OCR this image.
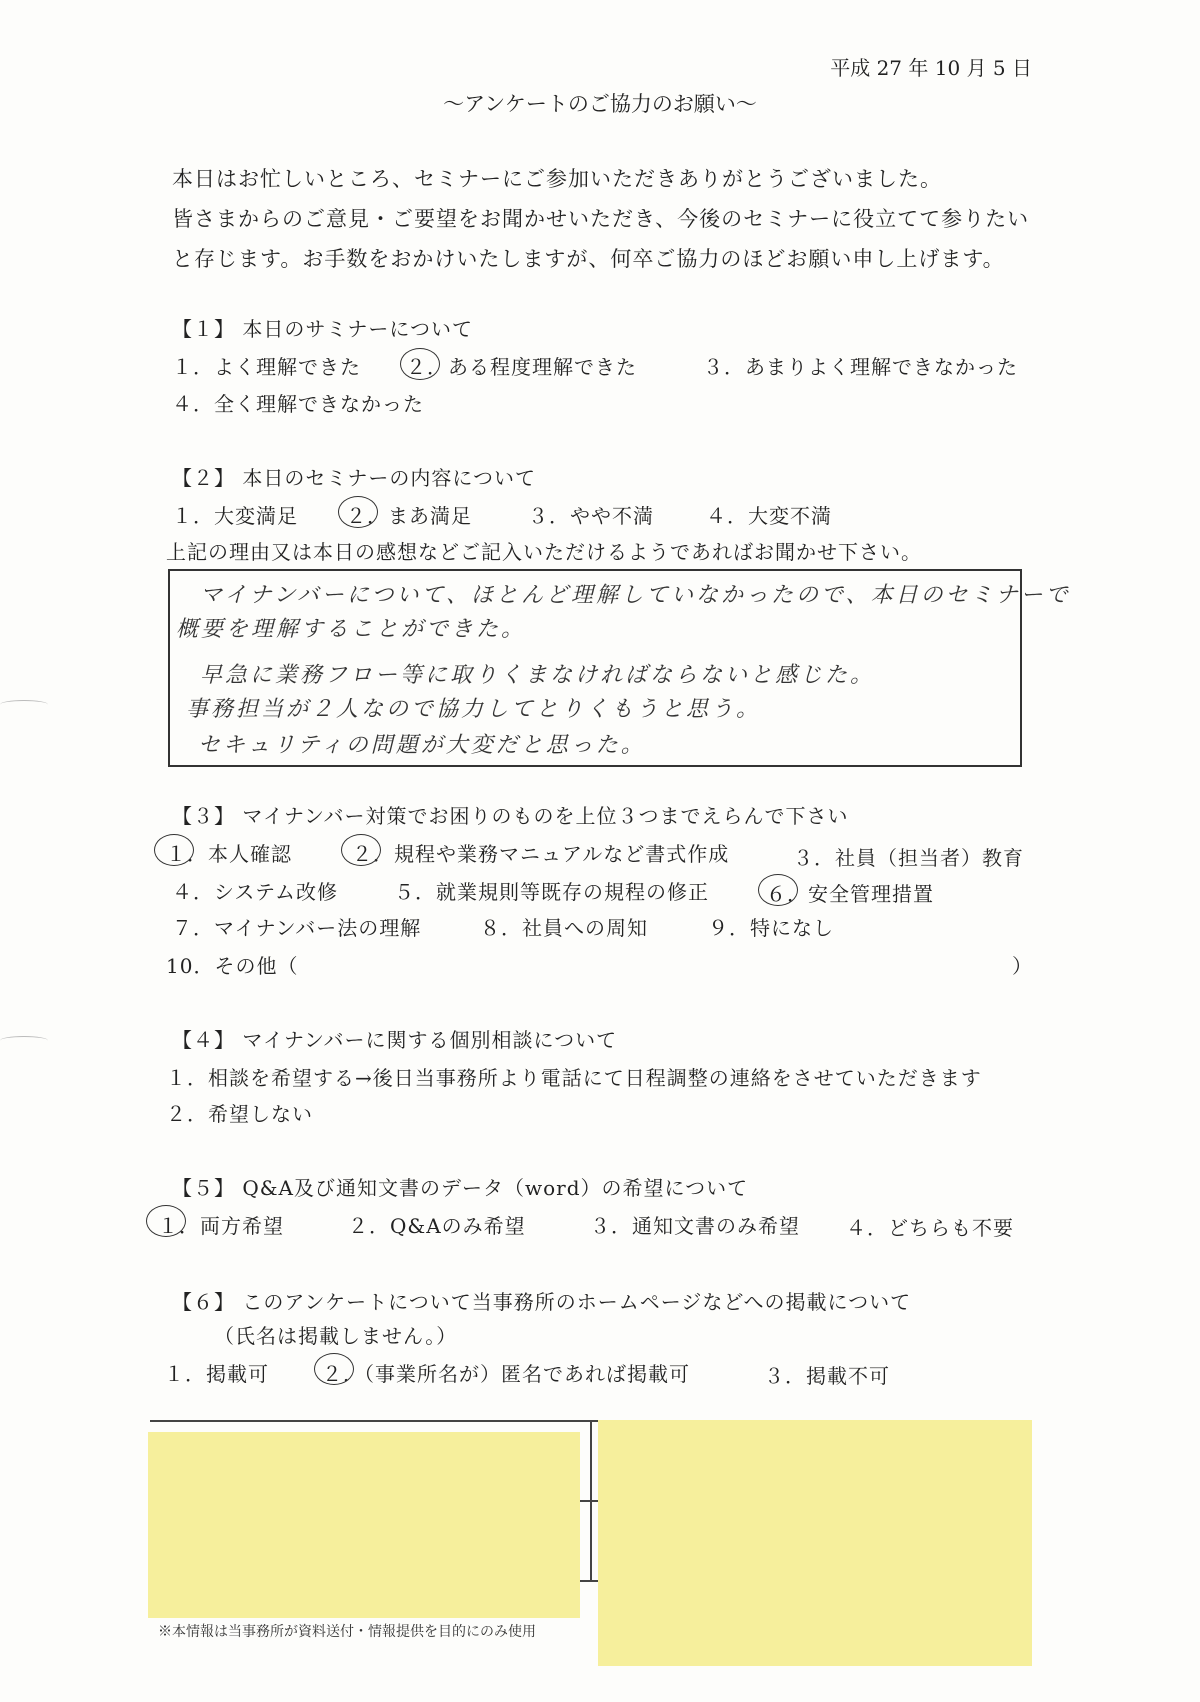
平成 27 年 10 月 5 日
～アンケートのご協力のお願い～
本日はお忙しいところ、セミナーにご参加いただきありがとうございました。
皆さまからのご意見・ご要望をお聞かせいただき、今後のセミナーに役立てて参りたい
と存じます。お手数をおかけいたしますが、何卒ご協力のほどお願い申し上げます。
【１】 本日のサミナーについて
１．よく理解できた ２．ある程度理解できた	３．あまりよく理解できなかった
４．全く理解できなかった
【２】 本日のセミナーの内容について
１．大変満足 ２．まあ満足	３．やや不満	４．大変不満
上記の理由又は本日の感想などご記入いただけるようであればお聞かせ下さい。
マイナンバーについて、ほとんど理解していなかったので、本日のセミナーで
概要を理解することができた。
早急に業務フロー等に取りくまなければならないと感じた。
事務担当が２人なので協力してとりくもうと思う。
セキュリティの問題が大変だと思った。
【３】 マイナンバー対策でお困りのものを上位３つまでえらんで下さい
１．本人確認	２．規程や業務マニュアルなど書式作成	３．社員（担当者）教育
４．システム改修	５．就業規則等既存の規程の修正	６．安全管理措置
７．マイナンバー法の理解	８．社員への周知	９．特になし
10．その他（	）
【４】 マイナンバーに関する個別相談について
１．相談を希望する→後日当事務所より電話にて日程調整の連絡をさせていただきます
２．希望しない
【５】 Q&A及び通知文書のデータ（word）の希望について
１．両方希望	２．Q&Aのみ希望	３．通知文書のみ希望 ４．どちらも不要
【６】 このアンケートについて当事務所のホームページなどへの掲載について
（氏名は掲載しません。）
１．掲載可	２．（事業所名が）匿名であれば掲載可	３．掲載不可
※本情報は当事務所が資料送付・情報提供を目的にのみ使用
